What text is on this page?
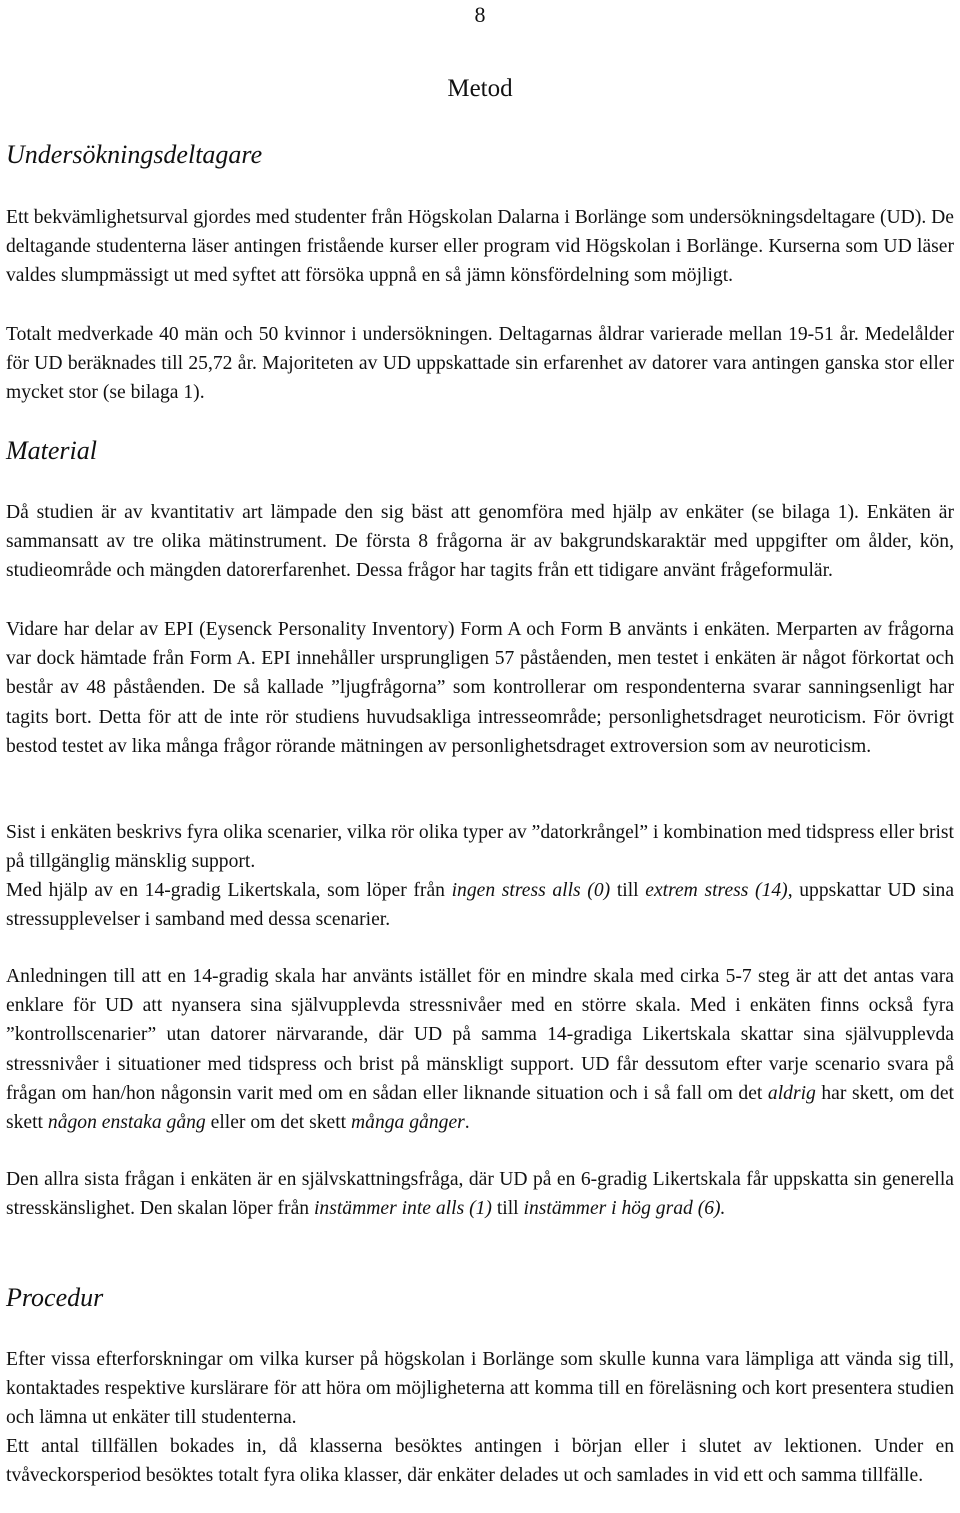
8
Metod
Undersökningsdeltagare
Ett bekvämlighetsurval gjordes med studenter från Högskolan Dalarna i Borlänge som undersökningsdeltagare (UD). De deltagande studenterna läser antingen fristående kurser eller program vid Högskolan i Borlänge. Kurserna som UD läser valdes slumpmässigt ut med syftet att försöka uppnå en så jämn könsfördelning som möjligt.
Totalt medverkade 40 män och 50 kvinnor i undersökningen. Deltagarnas åldrar varierade mellan 19-51 år. Medelålder för UD beräknades till 25,72 år. Majoriteten av UD uppskattade sin erfarenhet av datorer vara antingen ganska stor eller mycket stor (se bilaga 1).
Material
Då studien är av kvantitativ art lämpade den sig bäst att genomföra med hjälp av enkäter (se bilaga 1). Enkäten är sammansatt av tre olika mätinstrument. De första 8 frågorna är av bakgrundskaraktär med uppgifter om ålder, kön, studieområde och mängden datorerfarenhet. Dessa frågor har tagits från ett tidigare använt frågeformulär.
Vidare har delar av EPI (Eysenck Personality Inventory) Form A och Form B använts i enkäten. Merparten av frågorna var dock hämtade från Form A. EPI innehåller ursprungligen 57 påståenden, men testet i enkäten är något förkortat och består av 48 påståenden. De så kallade ”ljugfrågorna” som kontrollerar om respondenterna svarar sanningsenligt har tagits bort. Detta för att de inte rör studiens huvudsakliga intresseområde; personlighetsdraget neuroticism. För övrigt bestod testet av lika många frågor rörande mätningen av personlighetsdraget extroversion som av neuroticism.
Sist i enkäten beskrivs fyra olika scenarier, vilka rör olika typer av ”datorkrångel” i kombination med tidspress eller brist på tillgänglig mänsklig support.
Med hjälp av en 14-gradig Likertskala, som löper från ingen stress alls (0) till extrem stress (14), uppskattar UD sina stressupplevelser i samband med dessa scenarier.
Anledningen till att en 14-gradig skala har använts istället för en mindre skala med cirka 5-7 steg är att det antas vara enklare för UD att nyansera sina självupplevda stressnivåer med en större skala. Med i enkäten finns också fyra ”kontrollscenarier” utan datorer närvarande, där UD på samma 14-gradiga Likertskala skattar sina självupplevda stressnivåer i situationer med tidspress och brist på mänskligt support. UD får dessutom efter varje scenario svara på frågan om han/hon någonsin varit med om en sådan eller liknande situation och i så fall om det aldrig har skett, om det skett någon enstaka gång eller om det skett många gånger.
Den allra sista frågan i enkäten är en självskattningsfråga, där UD på en 6-gradig Likertskala får uppskatta sin generella stresskänslighet. Den skalan löper från instämmer inte alls (1) till instämmer i hög grad (6).
Procedur
Efter vissa efterforskningar om vilka kurser på högskolan i Borlänge som skulle kunna vara lämpliga att vända sig till, kontaktades respektive kurslärare för att höra om möjligheterna att komma till en föreläsning och kort presentera studien och lämna ut enkäter till studenterna.
Ett antal tillfällen bokades in, då klasserna besöktes antingen i början eller i slutet av lektionen. Under en tvåveckorsperiod besöktes totalt fyra olika klasser, där enkäter delades ut och samlades in vid ett och samma tillfälle.
